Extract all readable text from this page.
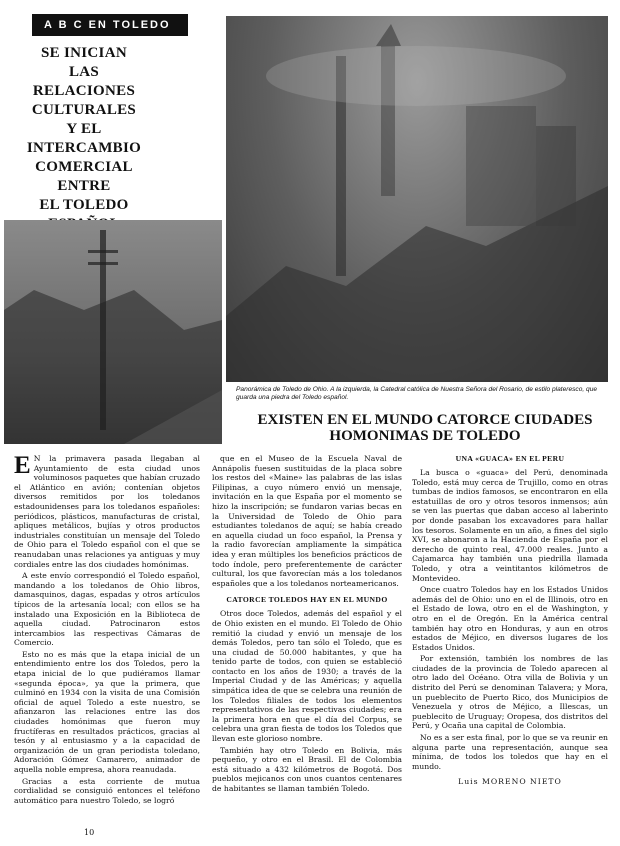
A B C EN TOLEDO
SE INICIAN
LAS RELACIONES
CULTURALES
Y EL INTERCAMBIO
COMERCIAL ENTRE
EL TOLEDO
Panorámica de Toledo de Ohio. A la izquierda, la Catedral católica de Nuestra Señora del Rosario, de estilo plateresco, que guarda una piedra del Toledo español.
EXISTEN EN EL MUNDO CATORCE CIUDADES
HOMONIMAS DE TOLEDO

E N la primavera pasada llegaban al Ayuntamiento de esta ciudad unos voluminosos paquetes que habían cruzado el Atlántico en avión; contenían objetos diversos remitidos por los toledanos estadounidenses para los toledanos españoles: periódicos, plásticos, manufacturas de cristal, apliques metálicos, bujías y otros productos industriales constituían un mensaje del Toledo de Ohio para el Toledo español con el que se reanudaban unas relaciones ya antiguas y muy cordiales entre las dos ciudades homónimas.

A este envío correspondió el Toledo español, mandando a los toledanos de Ohio libros, damasquinos, dagas, espadas y otros artículos típicos de la artesanía local; con ellos se ha instalado una Exposición en la Biblioteca de aquella ciudad. Patrocinaron estos intercambios las respectivas Cámaras de Comercio.

Esto no es más que la etapa inicial de un entendimiento entre los dos Toledos, pero la etapa inicial de lo que pudiéramos llamar «segunda época», ya que la primera, que culminó en 1934 con la visita de una Comisión oficial de aquel Toledo a este nuestro, se afianzaron las relaciones entre las dos ciudades homónimas que fueron muy fructíferas en resultados prácticos, gracias al tesón y al entusiasmo y a la capacidad de organización de un gran periodista toledano, Adoración Gómez Camarero, animador de aquella noble empresa, ahora reanudada.

Gracias a esta corriente de mutua cordialidad se consiguió entonces el teléfono automático para nuestro Toledo, se logró

que en el Museo de la Escuela Naval de Annápolis fuesen sustituidas de la placa sobre los restos del «Maine» las palabras de las islas Filipinas, a cuyo número envió un mensaje, invitación en la que España por el momento se hizo la inscripción; se fundaron varias becas en la Universidad de Toledo de Ohio para estudiantes toledanos de aquí; se había creado en aquella ciudad un foco español, la Prensa y la radio favorecían ampliamente la simpática idea y eran múltiples los beneficios prácticos de todo índole, pero preferentemente de carácter cultural, los que favorecían más a los toledanos españoles que a los toledanos norteamericanos.

CATORCE TOLEDOS HAY EN EL MUNDO

Otros doce Toledos, además del español y el de Ohio existen en el mundo. El Toledo de Ohio remitió la ciudad y envió un mensaje de los demás Toledos, pero tan sólo el Toledo, que es una ciudad de 50.000 habitantes, y que ha tenido parte de todos, con quien se estableció contacto en los años de 1930; a través de la Imperial Ciudad y de las Américas; y aquella simpática idea de que se celebra una reunión de los Toledos filiales de todos los elementos representativos de las respectivas ciudades; era la primera hora en que el día del Corpus, se celebra una gran fiesta de todos los Toledos que llevan este glorioso nombre.

También hay otro Toledo en Bolivia, más pequeño, y otro en el Brasil. El de Colombia está situado a 432 kilómetros de Bogotá. Dos pueblos mejicanos con unos cuantos centenares de habitantes se llaman también Toledo.

UNA «GUACA» EN EL PERU

La busca o «guaca» del Perú, denominada Toledo, está muy cerca de Trujillo, como en otras tumbas de indios famosos, se encontraron en ella estatuillas de oro y otros tesoros inmensos; aún se ven las puertas que daban acceso al laberinto por donde pasaban los excavadores para hallar los tesoros. Solamente en un año, a fines del siglo XVI, se abonaron a la Hacienda de España por el derecho de quinto real, 47.000 reales. Junto a Cajamarca hay también una piedrilla llamada Toledo, y otra a veintitantos kilómetros de Montevideo.

Once cuatro Toledos hay en los Estados Unidos además del de Ohio: uno en el de Illinois, otro en el Estado de Iowa, otro en el de Washington, y otro en el de Oregón. En la América central también hay otro en Honduras, y aun en otros estados de Méjico, en diversos lugares de los Estados Unidos.

Por extensión, también los nombres de las ciudades de la provincia de Toledo aparecen al otro lado del Océano. Otra villa de Bolivia y un distrito del Perú se denominan Talavera; y Mora, un pueblecito de Puerto Rico, dos Municipios de Venezuela y otros de Méjico, a Illescas, un pueblecito de Uruguay; Oropesa, dos distritos del Perú, y Ocaña una capital de Colombia.

No es a ser esta final, por lo que se va reunir en alguna parte una representación, aunque sea mínima, de todos los toledos que hay en el mundo.

Luis MORENO NIETO
10
